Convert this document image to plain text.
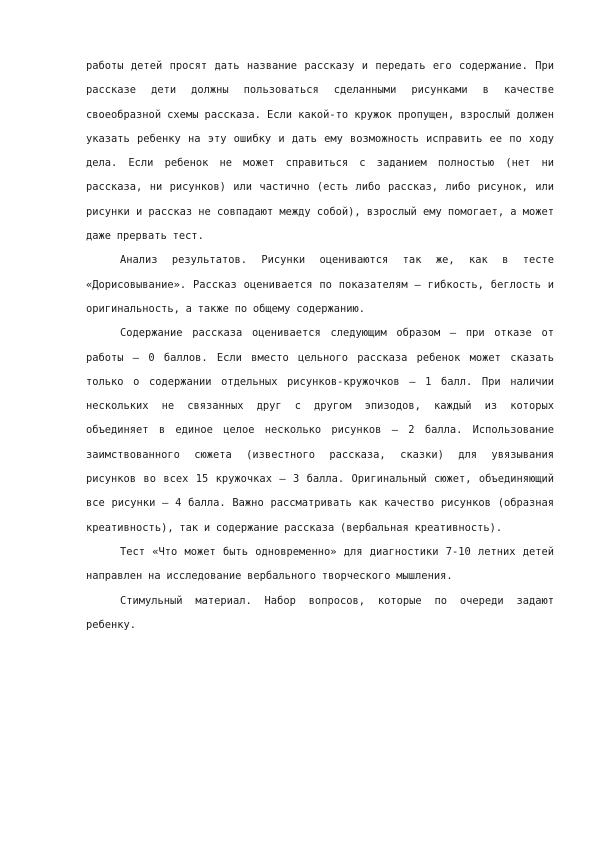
работы детей просят дать название рассказу и передать его содержание. При рассказе дети должны пользоваться сделанными рисунками в качестве своеобразной схемы рассказа. Если какой-то кружок пропущен, взрослый должен указать ребенку на эту ошибку и дать ему возможность исправить ее по ходу дела. Если ребенок не может справиться с заданием полностью (нет ни рассказа, ни рисунков) или частично (есть либо рассказ, либо рисунок, или рисунки и рассказ не совпадают между собой), взрослый ему помогает, а может даже прервать тест.

Анализ результатов. Рисунки оцениваются так же, как в тесте «Дорисовывание». Рассказ оценивается по показателям – гибкость, беглость и оригинальность, а также по общему содержанию.

Содержание рассказа оценивается следующим образом – при отказе от работы – 0 баллов. Если вместо цельного рассказа ребенок может сказать только о содержании отдельных рисунков-кружочков – 1 балл. При наличии нескольких не связанных друг с другом эпизодов, каждый из которых объединяет в единое целое несколько рисунков – 2 балла. Использование заимствованного сюжета (известного рассказа, сказки) для увязывания рисунков во всех 15 кружочках – 3 балла. Оригинальный сюжет, объединяющий все рисунки – 4 балла. Важно рассматривать как качество рисунков (образная креативность), так и содержание рассказа (вербальная креативность).

Тест «Что может быть одновременно» для диагностики 7-10 летних детей направлен на исследование вербального творческого мышления.

Стимульный материал. Набор вопросов, которые по очереди задают ребенку.
